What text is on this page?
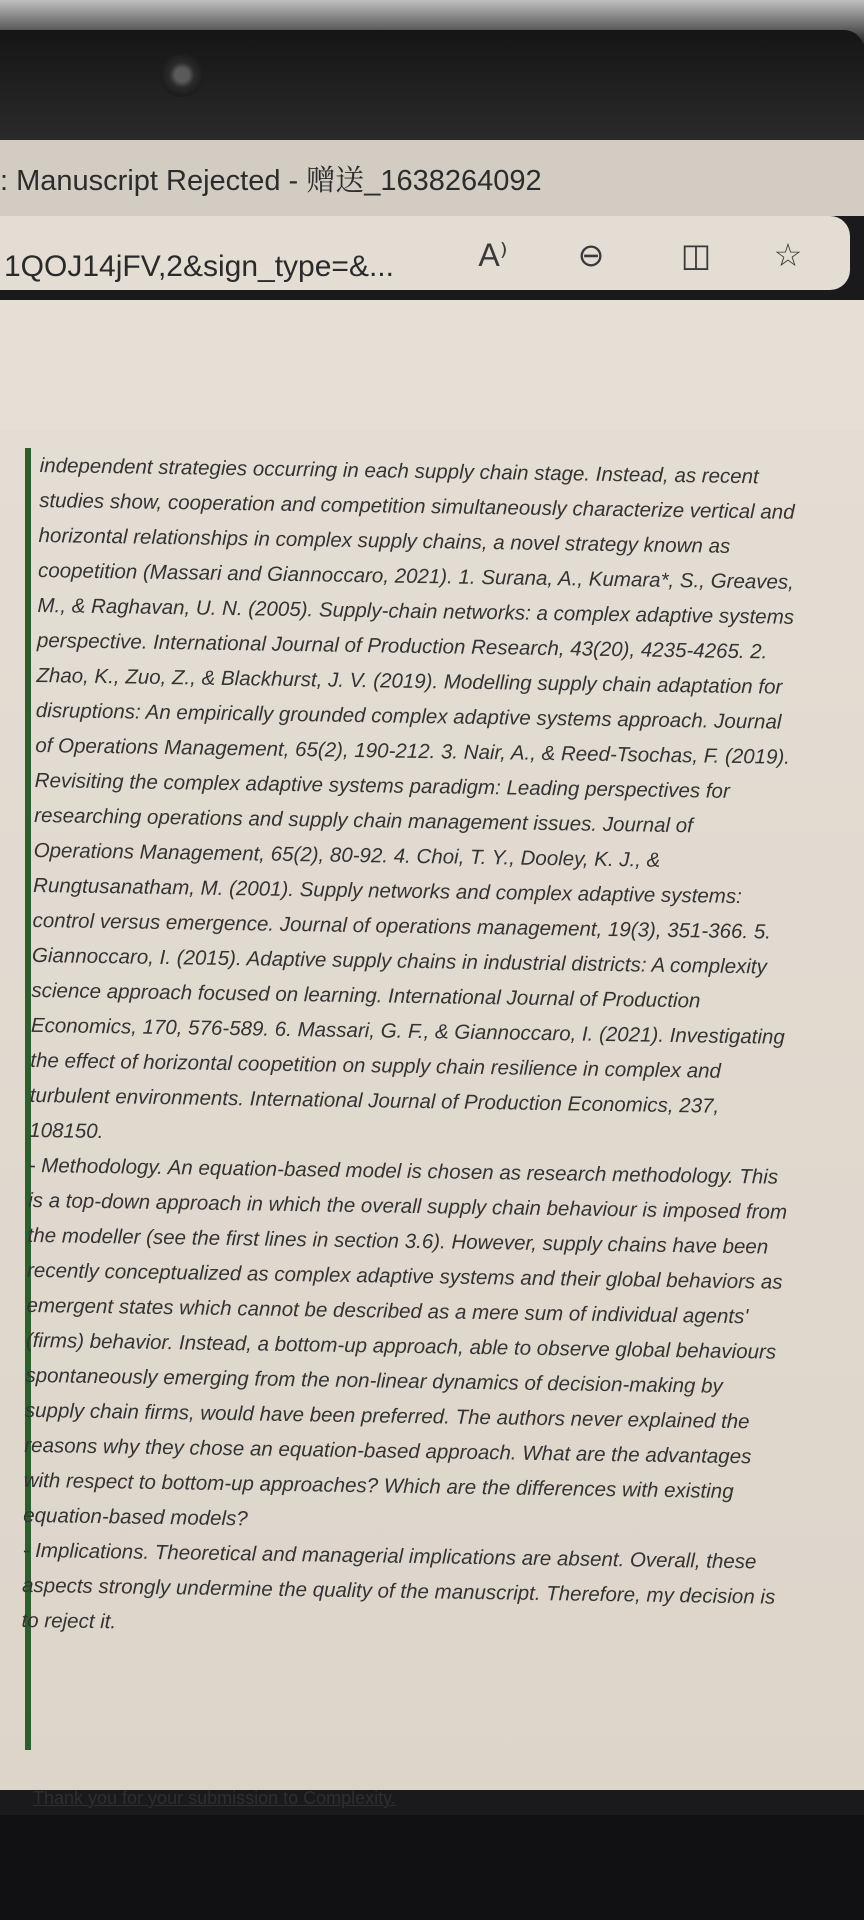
: Manuscript Rejected - 赠送_1638264092
1QOJ14jFV,2&sign_type=&...	A⁾	⊖	◫	☆

independent strategies occurring in each supply chain stage. Instead, as recent studies show, cooperation and competition simultaneously characterize vertical and horizontal relationships in complex supply chains, a novel strategy known as coopetition (Massari and Giannoccaro, 2021). 1. Surana, A., Kumara*, S., Greaves, M., & Raghavan, U. N. (2005). Supply-chain networks: a complex adaptive systems perspective. International Journal of Production Research, 43(20), 4235-4265. 2. Zhao, K., Zuo, Z., & Blackhurst, J. V. (2019). Modelling supply chain adaptation for disruptions: An empirically grounded complex adaptive systems approach. Journal of Operations Management, 65(2), 190-212. 3. Nair, A., & Reed-Tsochas, F. (2019). Revisiting the complex adaptive systems paradigm: Leading perspectives for researching operations and supply chain management issues. Journal of Operations Management, 65(2), 80-92. 4. Choi, T. Y., Dooley, K. J., & Rungtusanatham, M. (2001). Supply networks and complex adaptive systems: control versus emergence. Journal of operations management, 19(3), 351-366. 5. Giannoccaro, I. (2015). Adaptive supply chains in industrial districts: A complexity science approach focused on learning. International Journal of Production Economics, 170, 576-589. 6. Massari, G. F., & Giannoccaro, I. (2021). Investigating the effect of horizontal coopetition on supply chain resilience in complex and turbulent environments. International Journal of Production Economics, 237, 108150.

- Methodology. An equation-based model is chosen as research methodology. This is a top-down approach in which the overall supply chain behaviour is imposed from the modeller (see the first lines in section 3.6). However, supply chains have been recently conceptualized as complex adaptive systems and their global behaviors as emergent states which cannot be described as a mere sum of individual agents' (firms) behavior. Instead, a bottom-up approach, able to observe global behaviours spontaneously emerging from the non-linear dynamics of decision-making by supply chain firms, would have been preferred. The authors never explained the reasons why they chose an equation-based approach. What are the advantages with respect to bottom-up approaches? Which are the differences with existing equation-based models?

- Implications. Theoretical and managerial implications are absent. Overall, these aspects strongly undermine the quality of the manuscript. Therefore, my decision is to reject it.

Thank you for your submission to Complexity.
